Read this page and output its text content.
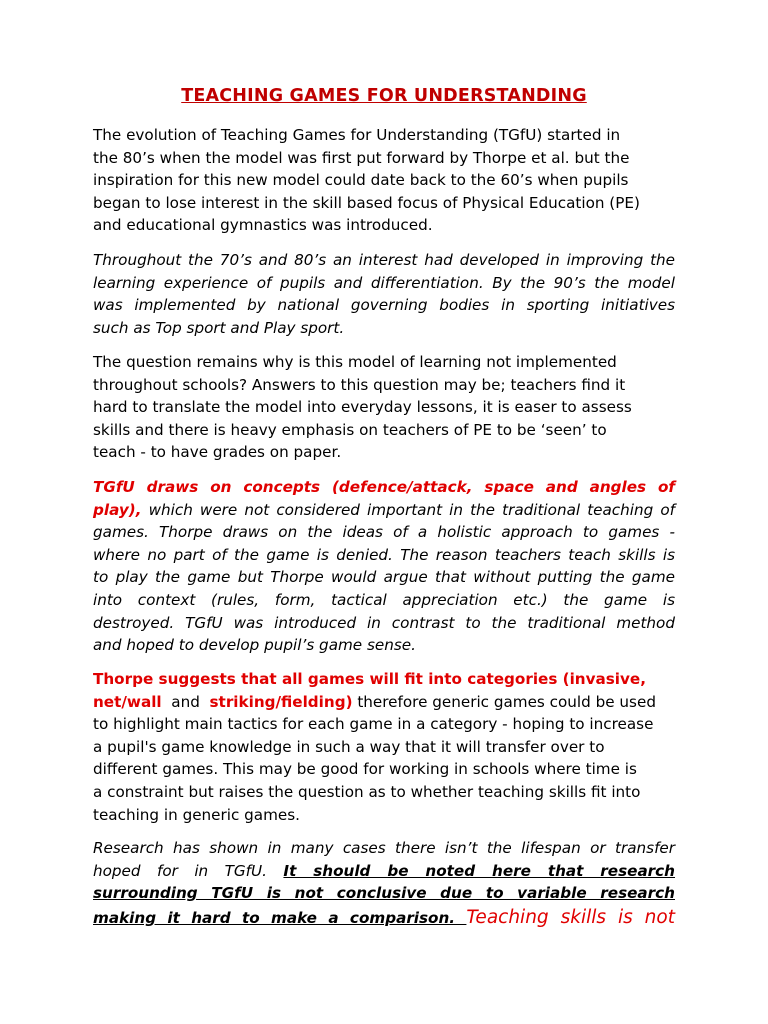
TEACHING GAMES FOR UNDERSTANDING
The evolution of Teaching Games for Understanding (TGfU) started in
the 80’s when the model was first put forward by Thorpe et al. but the
inspiration for this new model could date back to the 60’s when pupils
began to lose interest in the skill based focus of Physical Education (PE)
and educational gymnastics was introduced.
Throughout the 70’s and 80’s an interest had developed in improving the
learning experience of pupils and differentiation. By the 90’s the model
was implemented by national governing bodies in sporting initiatives
such as Top sport and Play sport.
The question remains why is this model of learning not implemented
throughout schools? Answers to this question may be; teachers find it
hard to translate the model into everyday lessons, it is easer to assess
skills and there is heavy emphasis on teachers of PE to be ‘seen’ to
teach - to have grades on paper.
TGfU draws on concepts (defence/attack, space and angles of
play), which were not considered important in the traditional teaching of
games. Thorpe draws on the ideas of a holistic approach to games -
where no part of the game is denied. The reason teachers teach skills is
to play the game but Thorpe would argue that without putting the game
into context (rules, form, tactical appreciation etc.) the game is
destroyed. TGfU was introduced in contrast to the traditional method
and hoped to develop pupil’s game sense.
Thorpe suggests that all games will fit into categories (invasive,
net/wall  and  striking/fielding) therefore generic games could be used
to highlight main tactics for each game in a category - hoping to increase
a pupil's game knowledge in such a way that it will transfer over to
different games. This may be good for working in schools where time is
a constraint but raises the question as to whether teaching skills fit into
teaching in generic games.
Research has shown in many cases there isn’t the lifespan or transfer
hoped for in TGfU. It should be noted here that research
surrounding TGfU is not conclusive due to variable research
making it hard to make a comparison. Teaching skills is not
